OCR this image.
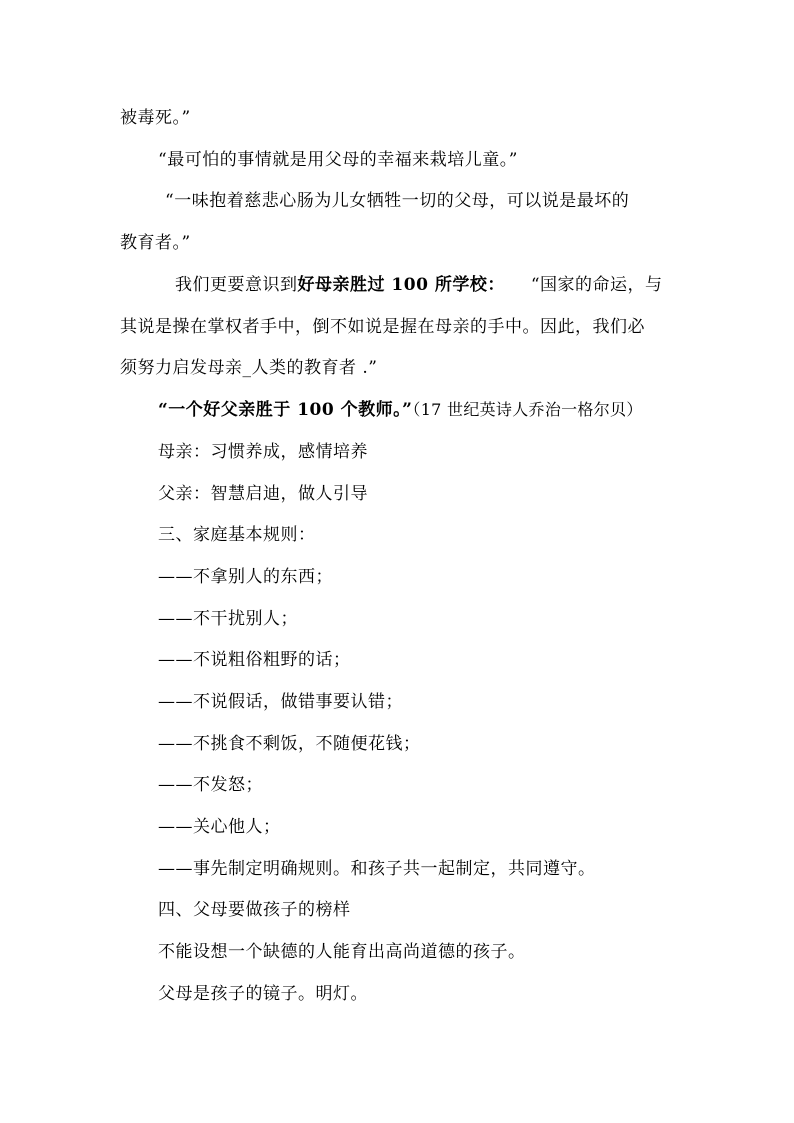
被毒死。”
“最可怕的事情就是用父母的幸福来栽培儿童。”
“一味抱着慈悲心肠为儿女牺牲一切的父母，可以说是最坏的
教育者。”
我们更要意识到好母亲胜过 100 所学校： “国家的命运，与
其说是操在掌权者手中，倒不如说是握在母亲的手中。因此，我们必
须努力启发母亲_人类的教育者 .”
“一个好父亲胜于 100 个教师。”（17 世纪英诗人乔治一格尔贝）
母亲：习惯养成，感情培养
父亲：智慧启迪，做人引导
三、家庭基本规则：
——不拿别人的东西；
——不干扰别人；
——不说粗俗粗野的话；
——不说假话，做错事要认错；
——不挑食不剩饭，不随便花钱；
——不发怒；
——关心他人；
——事先制定明确规则。和孩子共一起制定，共同遵守。
四、父母要做孩子的榜样
不能设想一个缺德的人能育出高尚道德的孩子。
父母是孩子的镜子。明灯。
